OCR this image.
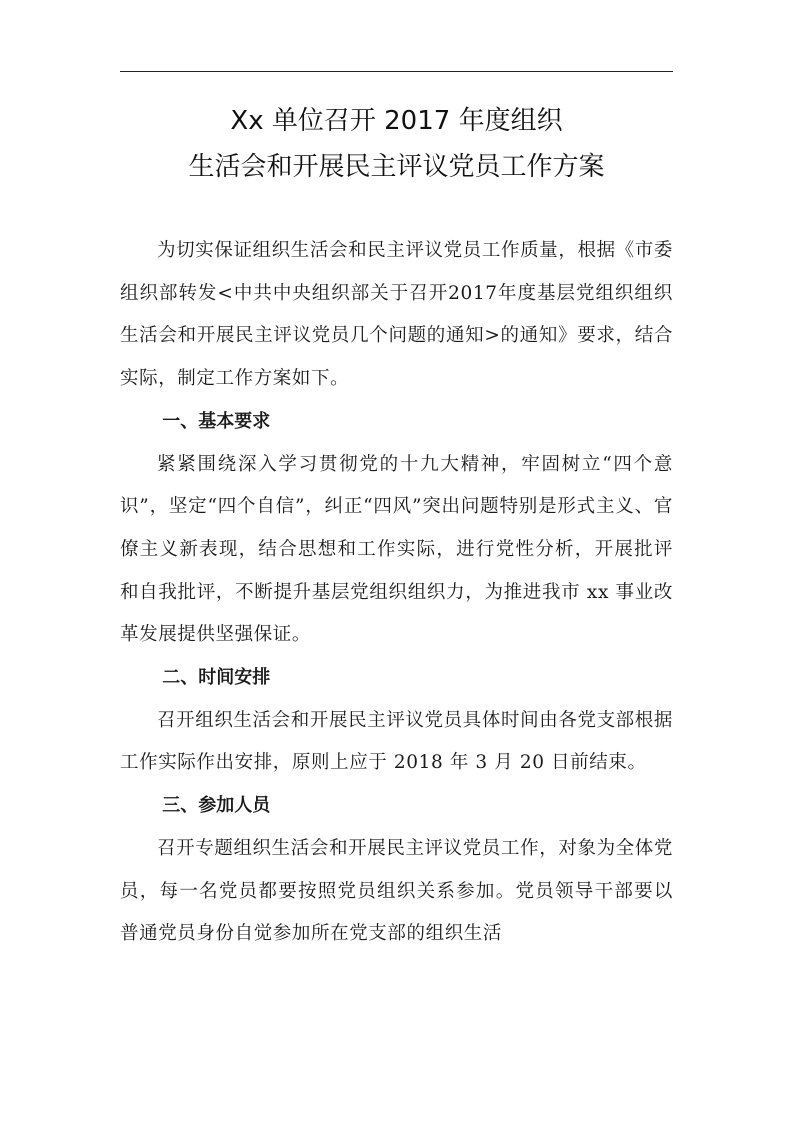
Xx 单位召开 2017 年度组织
生活会和开展民主评议党员工作方案

为切实保证组织生活会和民主评议党员工作质量，根据《市委组织部转发<中共中央组织部关于召开2017年度基层党组织组织生活会和开展民主评议党员几个问题的通知>的通知》要求，结合实际，制定工作方案如下。

一、基本要求

紧紧围绕深入学习贯彻党的十九大精神，牢固树立“四个意识”，坚定“四个自信”，纠正“四风”突出问题特别是形式主义、官僚主义新表现，结合思想和工作实际，进行党性分析，开展批评和自我批评，不断提升基层党组织组织力，为推进我市 xx 事业改革发展提供坚强保证。

二、时间安排

召开组织生活会和开展民主评议党员具体时间由各党支部根据工作实际作出安排，原则上应于 2018 年 3 月 20 日前结束。

三、参加人员

召开专题组织生活会和开展民主评议党员工作，对象为全体党员，每一名党员都要按照党员组织关系参加。党员领导干部要以普通党员身份自觉参加所在党支部的组织生活
